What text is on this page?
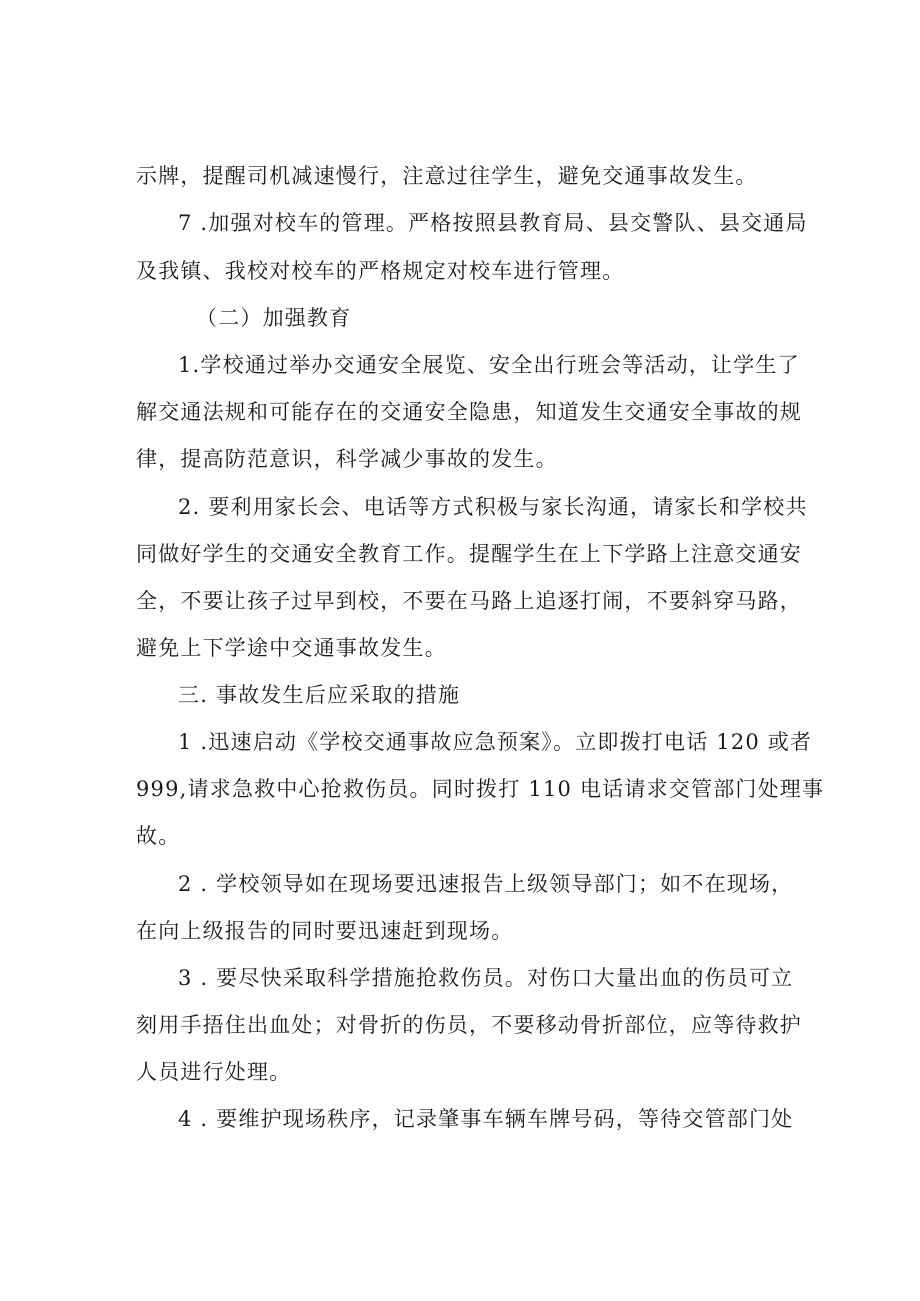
示牌，提醒司机减速慢行，注意过往学生，避免交通事故发生。
7 .加强对校车的管理。严格按照县教育局、县交警队、县交通局
及我镇、我校对校车的严格规定对校车进行管理。
（二）加强教育
1.学校通过举办交通安全展览、安全出行班会等活动，让学生了
解交通法规和可能存在的交通安全隐患，知道发生交通安全事故的规
律，提高防范意识，科学减少事故的发生。
2. 要利用家长会、电话等方式积极与家长沟通，请家长和学校共
同做好学生的交通安全教育工作。提醒学生在上下学路上注意交通安
全，不要让孩子过早到校，不要在马路上追逐打闹，不要斜穿马路，
避免上下学途中交通事故发生。
三. 事故发生后应采取的措施
1 .迅速启动《学校交通事故应急预案》。立即拨打电话 120 或者
999,请求急救中心抢救伤员。同时拨打 110 电话请求交管部门处理事
故。
2 . 学校领导如在现场要迅速报告上级领导部门；如不在现场，
在向上级报告的同时要迅速赶到现场。
3 . 要尽快采取科学措施抢救伤员。对伤口大量出血的伤员可立
刻用手捂住出血处；对骨折的伤员，不要移动骨折部位，应等待救护
人员进行处理。
4 . 要维护现场秩序，记录肇事车辆车牌号码，等待交管部门处
